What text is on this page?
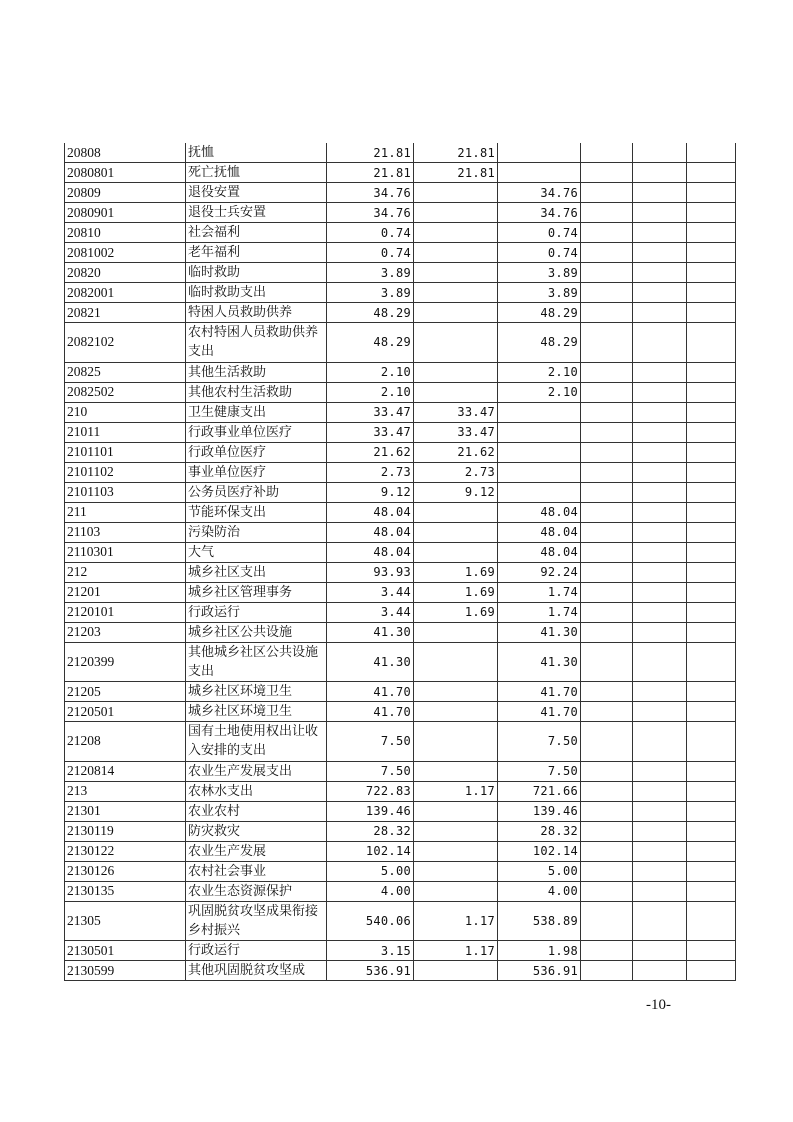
20808	抚恤	21.81	21.81				
2080801	死亡抚恤	21.81	21.81				
20809	退役安置	34.76		34.76			
2080901	退役士兵安置	34.76		34.76			
20810	社会福利	0.74		0.74			
2081002	老年福利	0.74		0.74			
20820	临时救助	3.89		3.89			
2082001	临时救助支出	3.89		3.89			
20821	特困人员救助供养	48.29		48.29			
2082102	农村特困人员救助供养支出	48.29		48.29			
20825	其他生活救助	2.10		2.10			
2082502	其他农村生活救助	2.10		2.10			
210	卫生健康支出	33.47	33.47				
21011	行政事业单位医疗	33.47	33.47				
2101101	行政单位医疗	21.62	21.62				
2101102	事业单位医疗	2.73	2.73				
2101103	公务员医疗补助	9.12	9.12				
211	节能环保支出	48.04		48.04			
21103	污染防治	48.04		48.04			
2110301	大气	48.04		48.04			
212	城乡社区支出	93.93	1.69	92.24			
21201	城乡社区管理事务	3.44	1.69	1.74			
2120101	行政运行	3.44	1.69	1.74			
21203	城乡社区公共设施	41.30		41.30			
2120399	其他城乡社区公共设施支出	41.30		41.30			
21205	城乡社区环境卫生	41.70		41.70			
2120501	城乡社区环境卫生	41.70		41.70			
21208	国有土地使用权出让收入安排的支出	7.50		7.50			
2120814	农业生产发展支出	7.50		7.50			
213	农林水支出	722.83	1.17	721.66			
21301	农业农村	139.46		139.46			
2130119	防灾救灾	28.32		28.32			
2130122	农业生产发展	102.14		102.14			
2130126	农村社会事业	5.00		5.00			
2130135	农业生态资源保护	4.00		4.00			
21305	巩固脱贫攻坚成果衔接乡村振兴	540.06	1.17	538.89			
2130501	行政运行	3.15	1.17	1.98			
2130599	其他巩固脱贫攻坚成	536.91		536.91			
-10-
